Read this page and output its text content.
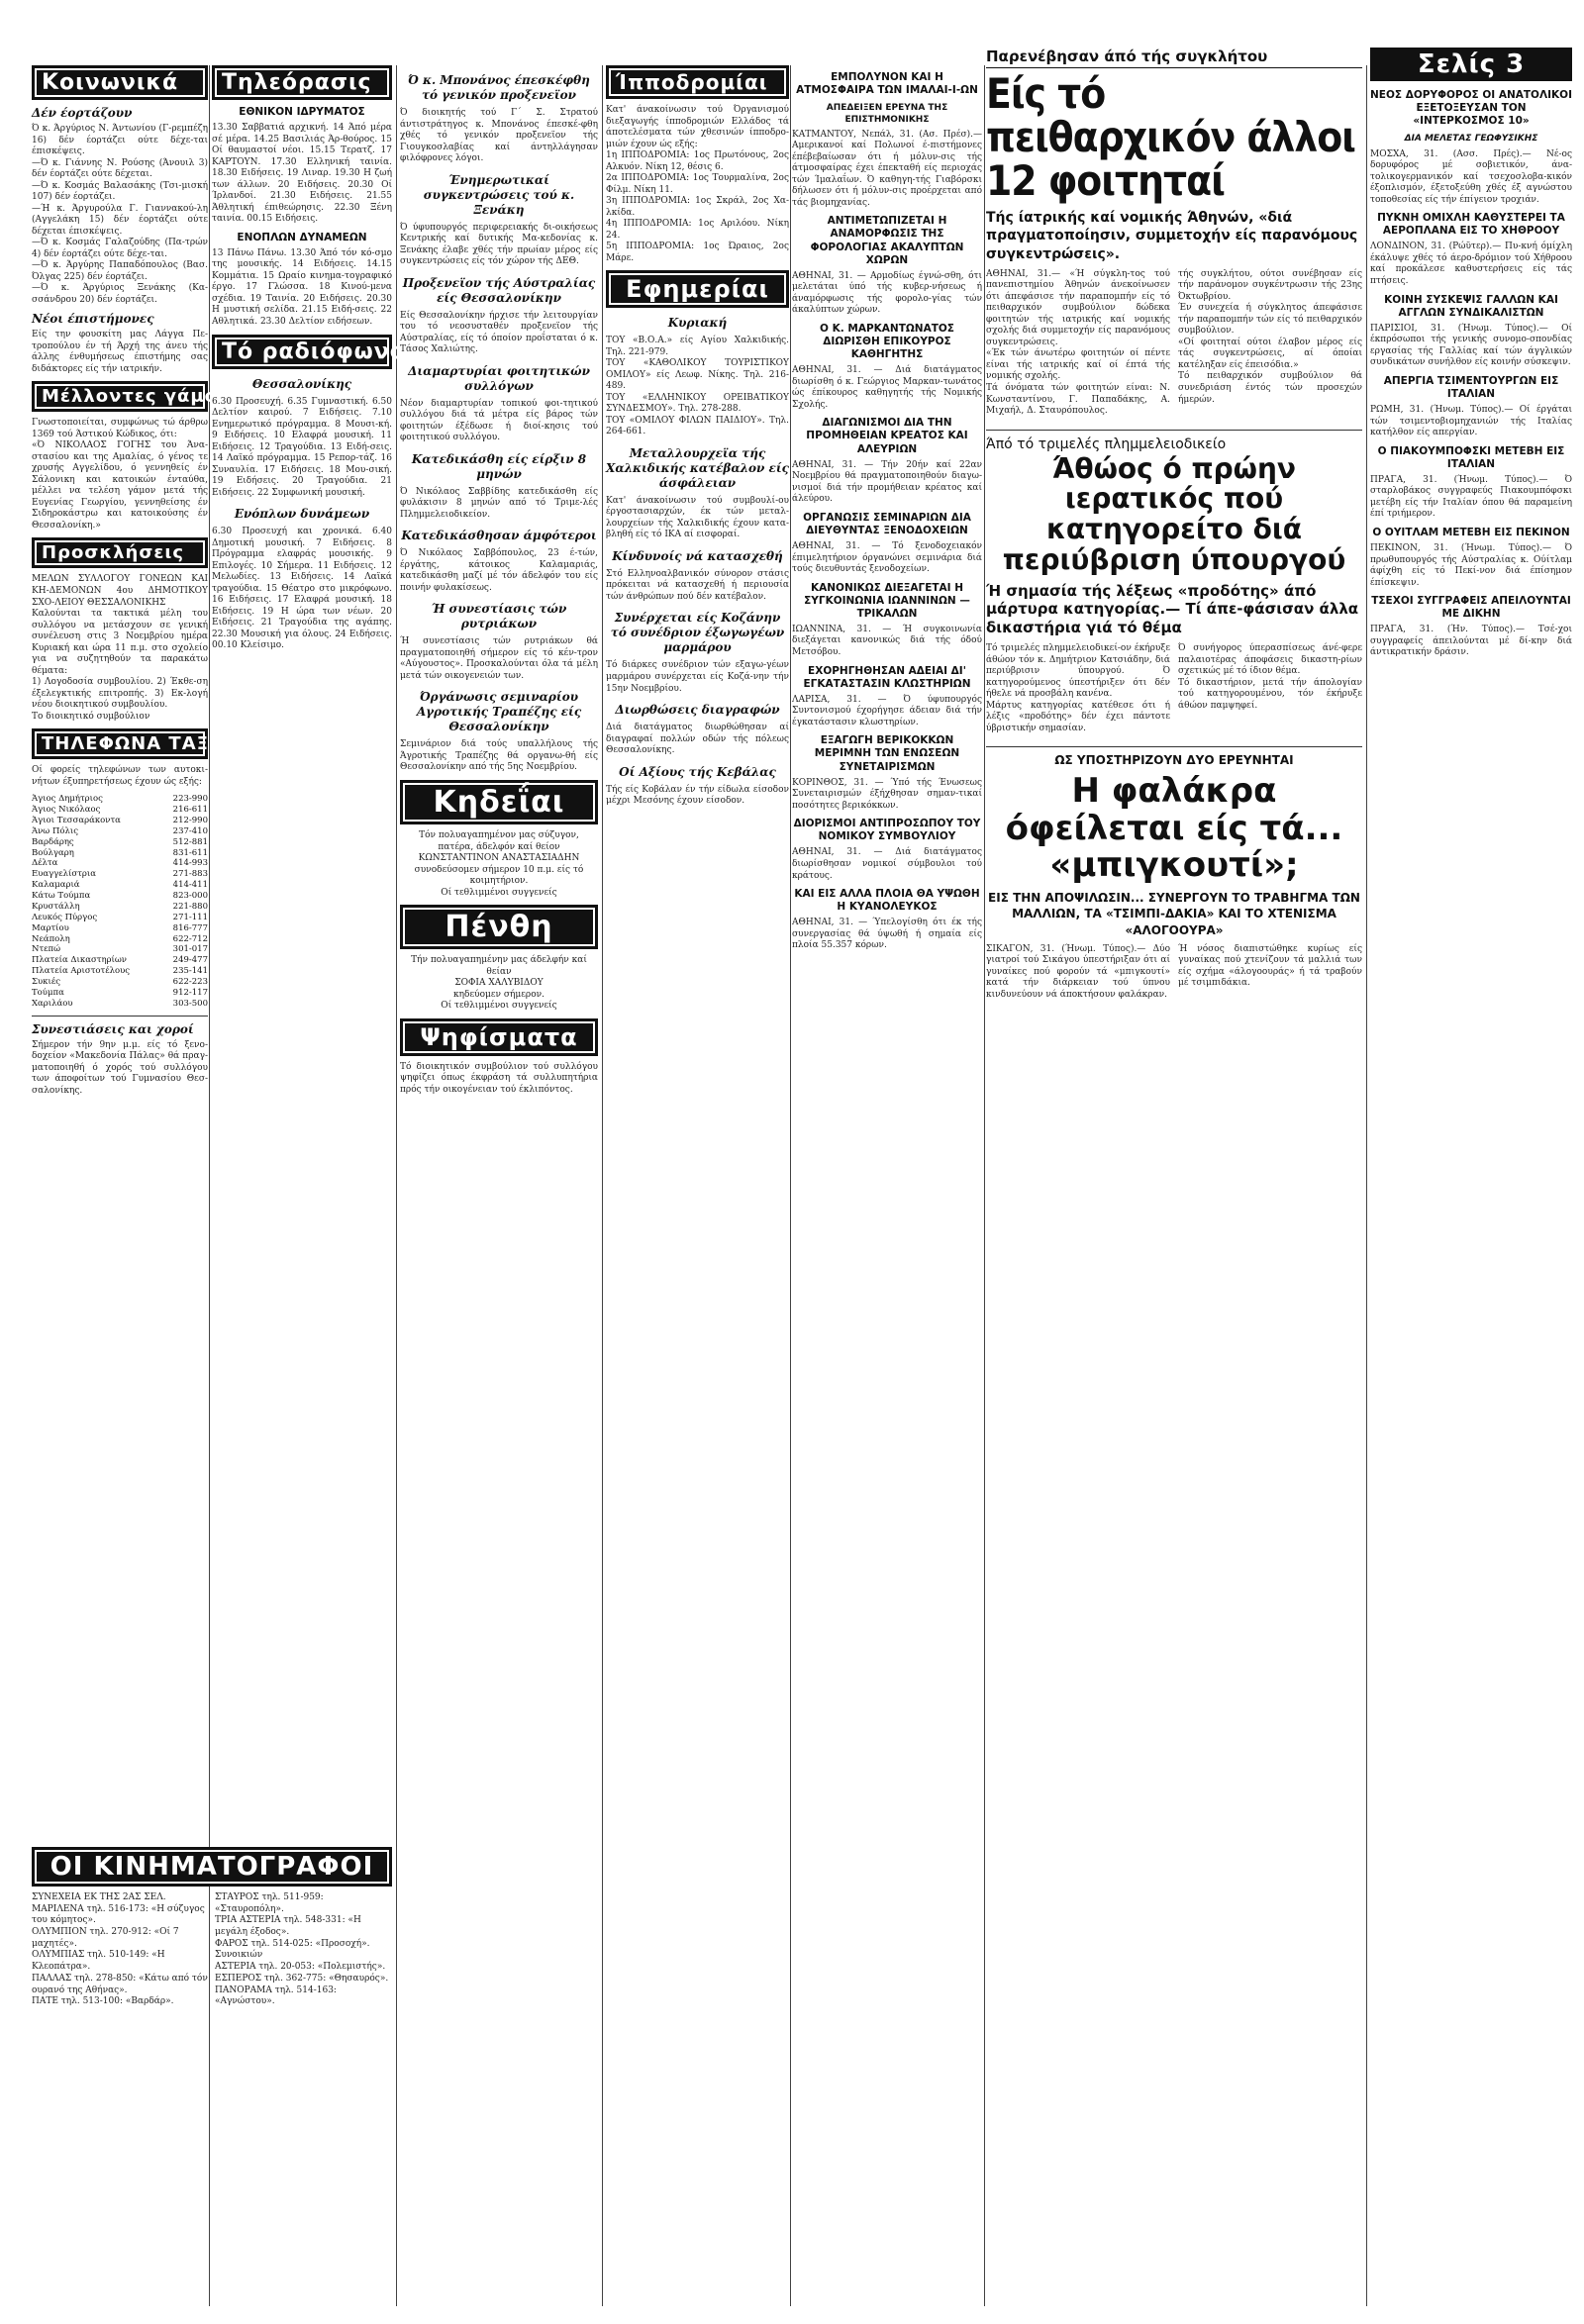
Κοινωνικά
Δέν έορτάζουν
Ό κ. Άργύριος Ν. Άντωνίου (Γ-ρεμπέζη 16) δέν έορτάζει ούτε δέχε-ται έπισκέψεις.
—Ό κ. Γιάννης Ν. Ρούσης (Άνουιλ 3) δέν έορτάζει ούτε δέχεται.
—Ό κ. Κοσμάς Βαλασάκης (Τσι-μισκή 107) δέν έορτάζει.
—Ή κ. Άργυρούλα Γ. Γιαννακού-λη (Αγγελάκη 15) δέν έορτάζει ούτε δέχεται έπισκέψεις.
—Ό κ. Κοσμάς Γαλαζούδης (Πα-τρών 4) δέν έορτάζει ούτε δέχε-ται.
—Ό κ. Άργύρης Παπαδόπουλος (Βασ. Όλγας 225) δέν έορτάζει.
—Ό κ. Άργύριος Ξενάκης (Κα-σσάνδρου 20) δέν έορτάζει.
Νέοι έπιστήμονες
Είς την φουσκίτη μας Λάγγα Πε-τροπούλου έν τή Άρχή της άνευ τής άλλης ένθυμήσεως έπιστήμης σας διδάκτορες είς τήν ιατρικήν.
Μέλλοντες γάμοι
Γνωστοποιείται, συμφώνως τώ άρθρω 1369 τού Άστικού Κώδικος, ότι:
«Ό ΝΙΚΟΛΑΟΣ ΓΟΓΗΣ του Άνα-στασίου και της Αμαλίας, ό γένος τε χρυσής Αγγελίδου, ό γεννηθείς έν Σάλονικη και κατοικών ένταύθα, μέλλει να τελέση γάμον μετά τής Ευγενίας Γεωργίου, γεννηθείσης έν Σιδηροκάστρω και κατοικούσης έν Θεσσαλονίκη.»
Προσκλήσεις
ΜΕΛΩΝ ΣΥΛΛΟΓΟΥ ΓΟΝΕΩΝ ΚΑΙ ΚΗ-ΔΕΜΟΝΩΝ 4ου ΔΗΜΟΤΙΚΟΥ ΣΧΟ-ΛΕΙΟΥ ΘΕΣΣΑΛΟΝΙΚΗΣ
Καλούνται τα τακτικά μέλη του συλλόγου να μετάσχουν σε γενική συνέλευση στις 3 Νοεμβρίου ημέρα Κυριακή και ώρα 11 π.μ. στο σχολείο για να συζητηθούν τα παρακάτω θέματα:
1) Λογοδοσία συμβουλίου. 2) Έκθε-ση έξελεγκτικής επιτροπής. 3) Εκ-λογή νέου διοικητικού συμβουλίου.
Το διοικητικό συμβούλιον
ΤΗΛΕΦΩΝΑ ΤΑΞΙ
Οί φορείς τηλεφώνων των αυτοκι-νήτων έξυπηρετήσεως έχουν ώς εξής:
Άγιος Δημήτριος	223-990
Άγιος Νικόλαος	216-611
Άγιοι Τεσσαράκοντα	212-990
Άνω Πόλις	237-410
Βαρδάρης	512-881
Βούλγαρη	831-611
Δέλτα	414-993
Ευαγγελίστρια	271-883
Καλαμαριά	414-411
Κάτω Τούμπα	823-000
Κρυστάλλη	221-880
Λευκός Πύργος	271-111
Μαρτίου	816-777
Νεάπολη	622-712
Ντεπώ	301-017
Πλατεία Δικαστηρίων	249-477
Πλατεία Αριστοτέλους	235-141
Συκιές	622-223
Τούμπα	912-117
Χαριλάου	303-500
Συνεστιάσεις και χοροί
Σήμερον τήν 9ην μ.μ. είς τό ξενο-δοχείον «Μακεδονία Πάλας» θά πραγ-ματοποιηθή ό χορός τού συλλόγου των άποφοίτων τού Γυμνασίου Θεσ-σαλονίκης.
Τηλεόρασις
ΕΘΝΙΚΟΝ ΙΔΡΥΜΑΤΟΣ
13.30 Σαββατιά αρχικνή. 14 Άπό μέρα σέ μέρα. 14.25 Βασιλιάς Άρ-θούρος. 15 Οί θαυμαστοί νέοι. 15.15 Τερατζ. 17 ΚΑΡΤΟΥΝ. 17.30 Ελληνική ταινία. 18.30 Ειδήσεις. 19 Λιναρ. 19.30 Η ζωή των άλλων. 20 Ειδήσεις. 20.30 Οί Ίρλανδοί. 21.30 Ειδήσεις. 21.55 Άθλητική έπιθεώρησις. 22.30 Ξένη ταινία. 00.15 Ειδήσεις.
ΕΝΟΠΛΩΝ ΔΥΝΑΜΕΩΝ
13 Πάνω Πάνω. 13.30 Άπό τόν κό-σμο της μουσικής. 14 Ειδήσεις. 14.15 Κομμάτια. 15 Ωραίο κινημα-τογραφικό έργο. 17 Γλώσσα. 18 Κινού-μενα σχέδια. 19 Ταινία. 20 Ειδήσεις. 20.30 Η μυστική σελίδα. 21.15 Ειδή-σεις. 22 Αθλητικά. 23.30 Δελτίον ειδήσεων.
Τό ραδιόφωνον
Θεσσαλονίκης
6.30 Προσευχή. 6.35 Γυμναστική. 6.50 Δελτίον καιρού. 7 Ειδήσεις. 7.10 Ενημερωτικό πρόγραμμα. 8 Μουσι-κή. 9 Ειδήσεις. 10 Ελαφρά μουσική. 11 Ειδήσεις. 12 Τραγούδια. 13 Ειδή-σεις. 14 Λαϊκό πρόγραμμα. 15 Ρεπορ-τάζ. 16 Συναυλία. 17 Ειδήσεις. 18 Μου-σική. 19 Ειδήσεις. 20 Τραγούδια. 21 Ειδήσεις. 22 Συμφωνική μουσική.
Ενόπλων δυνάμεων
6.30 Προσευχή και χρονικά. 6.40 Δημοτική μουσική. 7 Ειδήσεις. 8 Πρόγραμμα ελαφράς μουσικής. 9 Επιλογές. 10 Σήμερα. 11 Ειδήσεις. 12 Μελωδίες. 13 Ειδήσεις. 14 Λαϊκά τραγούδια. 15 Θέατρο στο μικρόφωνο. 16 Ειδήσεις. 17 Ελαφρά μουσική. 18 Ειδήσεις. 19 Η ώρα των νέων. 20 Ειδήσεις. 21 Τραγούδια της αγάπης. 22.30 Μουσική για όλους. 24 Ειδήσεις. 00.10 Κλείσιμο.
ΟΙ ΚΙΝΗΜΑΤΟΓΡΑΦΟΙ
ΣΥΝΕΧΕΙΑ ΕΚ ΤΗΣ 2ΑΣ ΣΕΛ.
ΜΑΡΙΛΕΝΑ τηλ. 516-173: «Η σύζυγος του κόμητος».
ΟΛΥΜΠΙΟΝ τηλ. 270-912: «Οί 7 μαχητές».
ΟΛΥΜΠΙΑΣ τηλ. 510-149: «Η Κλεοπάτρα».
ΠΑΛΛΑΣ τηλ. 278-850: «Κάτω από τόν ουρανό της Αθήνας».
ΠΑΤΕ τηλ. 513-100: «Βαρδάρ».
ΣΤΑΥΡΟΣ τηλ. 511-959: «Σταυροπόλη».
ΤΡΙΑ ΑΣΤΕΡΙΑ τηλ. 548-331: «Η μεγάλη έξοδος».
ΦΑΡΟΣ τηλ. 514-025: «Προσοχή».
Συνοικιών
ΑΣΤΕΡΙΑ τηλ. 20-053: «Πολεμιστής».
ΕΣΠΕΡΟΣ τηλ. 362-775: «Θησαυρός».
ΠΑΝΟΡΑΜΑ τηλ. 514-163: «Αγνώστου».
Ό κ. Μπονάνος έπεσκέφθη τό γενικόν προξενεϊον
Ό διοικητής τού Γ΄ Σ. Στρατού άντιστράτηγος κ. Μπονάνος έπεσκέ-φθη χθές τό γενικόν προξενεϊον τής Γιουγκοσλαβίας καί άντηλλάγησαν φιλόφρονες λόγοι.
Ένημερωτικαί συγκεντρώσεις τού κ. Ξενάκη
Ό ύφυπουργός περιφερειακής δι-οικήσεως Κεντρικής καί δυτικής Μα-κεδονίας κ. Ξενάκης έλαβε χθές τήν πρωίαν μέρος είς συγκεντρώσεις είς τόν χώρον τής ΔΕΘ.
Προξενεϊον τής Αύστραλίας είς Θεσσαλονίκην
Είς Θεσσαλονίκην ήρχισε τήν λειτουργίαν του τό νεοσυσταθέν προξενεϊον τής Αύστραλίας, είς τό όποίον προΐσταται ό κ. Τάσος Χαλιώτης.
Διαμαρτυρίαι φοιτητικών συλλόγων
Νέον διαμαρτυρίαν τοπικού φοι-τητικού συλλόγου διά τά μέτρα είς βάρος τών φοιτητών έξέδωσε ή διοί-κησις τού φοιτητικού συλλόγου.
Κατεδικάσθη είς είρξιν 8 μηνών
Ό Νικόλαος Σαββίδης κατεδικάσθη είς φυλάκισιν 8 μηνών από τό Τριμε-λές Πλημμελειοδικείον.
Κατεδικάσθησαν άμφότεροι
Ό Νικόλαος Σαββόπουλος, 23 έ-τών, έργάτης, κάτοικος Καλαμαριάς, κατεδικάσθη μαζί μέ τόν άδελφόν του είς ποινήν φυλακίσεως.
Ή συνεστίασις τών ρυτριάκων
Ή συνεστίασις τών ρυτριάκων θά πραγματοποιηθή σήμερον είς τό κέν-τρον «Αύγουστος». Προσκαλούνται όλα τά μέλη μετά τών οικογενειών των.
Όργάνωσις σεμιναρίου Αγροτικής Τραπέζης είς Θεσσαλονίκην
Σεμινάριον διά τούς υπαλλήλους τής Άγροτικής Τραπέζης θά οργανω-θή είς Θεσσαλονίκην από τής 5ης Νοεμβρίου.
Κηδεΐαι
Τόν πολυαγαπημένον μας σύζυγον, πατέρα, άδελφόν καί θείον
ΚΩΝΣΤΑΝΤΙΝΟΝ ΑΝΑΣΤΑΣΙΑΔΗΝ
συνοδεύσομεν σήμερον 10 π.μ. είς τό κοιμητήριον.
Οί τεθλιμμένοι συγγενείς
Πένθη
Τήν πολυαγαπημένην μας άδελφήν καί θείαν
ΣΟΦΙΑ ΧΑΛΥΒΙΔΟΥ
κηδεύομεν σήμερον.
Οί τεθλιμμένοι συγγενείς
Ψηφίσματα
Τό διοικητικόν συμβούλιον τού συλλόγου ψηφίζει όπως έκφράση τά συλλυπητήρια πρός τήν οικογένειαν τού έκλιπόντος.
Ίπποδρομίαι
Κατ' άνακοίνωσιν τού Όργανισμού διεξαγωγής ίπποδρομιών Ελλάδος τά άποτελέσματα τών χθεσινών ίπποδρο-μιών έχουν ώς εξής:
1η ΙΠΠΟΔΡΟΜΙΑ: 1ος Πρωτόνους, 2ος Αλκυόν. Νίκη 12, θέσις 6.
2α ΙΠΠΟΔΡΟΜΙΑ: 1ος Τουρμαλίνα, 2ος Φίλμ. Νίκη 11.
3η ΙΠΠΟΔΡΟΜΙΑ: 1ος Σκράλ, 2ος Χα-λκίδα.
4η ΙΠΠΟΔΡΟΜΙΑ: 1ος Αριλόου. Νίκη 24.
5η ΙΠΠΟΔΡΟΜΙΑ: 1ος Ώραιος, 2ος Μάρε.
Εφημερίαι
Κυριακή
ΤΟΥ «Β.Ο.Α.» είς Αγίου Χαλκιδικής. Τηλ. 221-979.
ΤΟΥ «ΚΑΘΟΛΙΚΟΥ ΤΟΥΡΙΣΤΙΚΟΥ ΟΜΙΛΟΥ» είς Λεωφ. Νίκης. Τηλ. 216-489.
ΤΟΥ «ΕΛΛΗΝΙΚΟΥ ΟΡΕΙΒΑΤΙΚΟΥ ΣΥΝΔΕΣΜΟΥ». Τηλ. 278-288.
ΤΟΥ «ΟΜΙΛΟΥ ΦΙΛΩΝ ΠΑΙΔΙΟΥ». Τηλ. 264-661.
Μεταλλουρχεϊα τής Χαλκιδικής κατέβαλον είς άσφάλειαν
Κατ' άνακοίνωσιν τού συμβουλί-ου έργοστασιαρχών, έκ τών μεταλ-λουρχείων τής Χαλκιδικής έχουν κατα-βληθή είς τό ΙΚΑ αί εισφοραί.
Κίνδυνοίς νά κατασχεθή
Στό Ελληνοαλβανικόν σύνορον στάσις πρόκειται νά κατασχεθή ή περιουσία τών άνθρώπων πού δέν κατέβαλον.
Συνέρχεται είς Κοζάνην τό συνέδριον έξωγωγέων μαρμάρου
Τό διάρκες συνέδριον τών εξαγω-γέων μαρμάρου συνέρχεται είς Κοζά-νην τήν 15ην Νοεμβρίου.
Διωρθώσεις διαγραφών
Διά διατάγματος διωρθώθησαν αί διαγραφαί πολλών οδών τής πόλεως Θεσσαλονίκης.
Οί Αξίους τής Κεβάλας
Τής είς Κοβάλαν έν τήν είδωλα είσοδον μέχρι Μεσόνης έχουν είσοδον.
ΕΜΠΟΛΥΝΟΝ ΚΑΙ Η ΑΤΜΟΣΦΑΙΡΑ ΤΩΝ ΙΜΑΛΑΙ-Ι-ΩΝ
ΑΠΕΔΕΙΞΕΝ ΕΡΕΥΝΑ ΤΗΣ ΕΠΙΣΤΗΜΟΝΙΚΗΣ
ΚΑΤΜΑΝΤΟΥ, Νεπάλ, 31. (Ασ. Πρέσ).— Αμερικανοί καί Πολωνοί έ-πιστήμονες έπέβεβαίωσαν ότι ή μόλυν-σις τής άτμοσφαίρας έχει έπεκταθή είς περιοχάς τών Ίμαλαΐων. Ό καθηγη-τής Γιαβόρσκι δήλωσεν ότι ή μόλυν-σις προέρχεται από τάς βιομηχανίας.
ΑΝΤΙΜΕΤΩΠΙΖΕΤΑΙ Η ΑΝΑΜΟΡΦΩΣΙΣ ΤΗΣ ΦΟΡΟΛΟΓΙΑΣ ΑΚΑΛΥΠΤΩΝ ΧΩΡΩΝ
ΑΘΗΝΑΙ, 31. — Αρμοδίως έγνώ-σθη, ότι μελετάται ύπό τής κυβερ-νήσεως ή άναμόρφωσις τής φορολο-γίας τών άκαλύπτων χώρων.
Ο Κ. ΜΑΡΚΑΝΤΩΝΑΤΟΣ ΔΙΩΡΙΣΘΗ ΕΠΙΚΟΥΡΟΣ ΚΑΘΗΓΗΤΗΣ
ΑΘΗΝΑΙ, 31. — Διά διατάγματος διωρίσθη ό κ. Γεώργιος Μαρκαν-τωνάτος ώς έπίκουρος καθηγητής τής Νομικής Σχολής.
ΔΙΑΓΩΝΙΣΜΟΙ ΔΙΑ ΤΗΝ ΠΡΟΜΗΘΕΙΑΝ ΚΡΕΑΤΟΣ ΚΑΙ ΑΛΕΥΡΙΩΝ
ΑΘΗΝΑΙ, 31. — Τήν 20ήν καί 22αν Νοεμβρίου θά πραγματοποιηθούν διαγω-νισμοί διά τήν προμήθειαν κρέατος καί άλεύρου.
ΟΡΓΑΝΩΣΙΣ ΣΕΜΙΝΑΡΙΩΝ ΔΙΑ ΔΙΕΥΘΥΝΤΑΣ ΞΕΝΟΔΟΧΕΙΩΝ
ΑΘΗΝΑΙ, 31. — Τό ξενοδοχειακόν έπιμελητήριον όργανώνει σεμινάρια διά τούς διευθυντάς ξενοδοχείων.
ΚΑΝΟΝΙΚΩΣ ΔΙΕΞΑΓΕΤΑΙ Η ΣΥΓΚΟΙΝΩΝΙΑ ΙΩΑΝΝΙΝΩΝ — ΤΡΙΚΑΛΩΝ
ΙΩΑΝΝΙΝΑ, 31. — Ή συγκοινωνία διεξάγεται κανονικώς διά τής όδού Μετσόβου.
ΕΧΟΡΗΓΗΘΗΣΑΝ ΑΔΕΙΑΙ ΔΙ' ΕΓΚΑΤΑΣΤΑΣΙΝ ΚΛΩΣΤΗΡΙΩΝ
ΛΑΡΙΣΑ, 31. — Ό ύφυπουργός Συντονισμού έχορήγησε άδειαν διά τήν έγκατάστασιν κλωστηρίων.
ΕΞΑΓΩΓΗ ΒΕΡΙΚΟΚΚΩΝ ΜΕΡΙΜΝΗ ΤΩΝ ΕΝΩΣΕΩΝ ΣΥΝΕΤΑΙΡΙΣΜΩΝ
ΚΟΡΙΝΘΟΣ, 31. — Ύπό τής Ένωσεως Συνεταιρισμών έξήχθησαν σημαν-τικαί ποσότητες βερικόκκων.
ΔΙΟΡΙΣΜΟΙ ΑΝΤΙΠΡΟΣΩΠΟΥ ΤΟΥ ΝΟΜΙΚΟΥ ΣΥΜΒΟΥΛΙΟΥ
ΑΘΗΝΑΙ, 31. — Διά διατάγματος διωρίσθησαν νομικοί σύμβουλοι τού κράτους.
ΚΑΙ ΕΙΣ ΑΛΛΑ ΠΛΟΙΑ ΘΑ ΥΨΩΘΗ Η ΚΥΑΝΟΛΕΥΚΟΣ
ΑΘΗΝΑΙ, 31. — Ύπελογίσθη ότι έκ τής συνεργασίας θά ύψωθή ή σημαία είς πλοία 55.357 κόρων.
Παρενέβησαν άπό τής συγκλήτου
Είς τό πειθαρχικόν άλλοι 12 φοιτηταί
Τής ίατρικής καί νομικής Άθηνών, «διά πραγματοποίησιν, συμμετοχήν είς παρανόμους συγκεντρώσεις».
ΑΘΗΝΑΙ, 31.— «Ή σύγκλη-τος τού πανεπιστημίου Άθηνών άνεκοίνωσεν ότι άπεφάσισε τήν παραπομπήν είς τό πειθαρχικόν συμβούλιον δώδεκα φοιτητών τής ιατρικής καί νομικής σχολής διά συμμετοχήν είς παρανόμους συγκεντρώσεις.
«Έκ τών άνωτέρω φοιτητών οί πέντε είναι τής ιατρικής καί οί έπτά τής νομικής σχολής.
Τά όνόματα τών φοιτητών είναι: Ν. Κωνσταντίνου, Γ. Παπαδάκης, Α. Μιχαήλ, Δ. Σταυρόπουλος.
τής συγκλήτου, ούτοι συνέβησαν είς τήν παράνομον συγκέντρωσιν τής 23ης Όκτωβρίου.
Έν συνεχεία ή σύγκλητος άπεφάσισε τήν παραπομπήν τών είς τό πειθαρχικόν συμβούλιον.
«Οί φοιτηταί ούτοι έλαβον μέρος είς τάς συγκεντρώσεις, αί όποίαι κατέληξαν είς έπεισόδια.»
Τό πειθαρχικόν συμβούλιον θά συνεδριάση έντός τών προσεχών ήμερών.
Άπό τό τριμελές πλημμελειοδικείο
Άθώος ό πρώην ιερατικός πού κατηγορείτο διά περιύβριση ύπουργού
Ή σημασία τής λέξεως «προδότης» άπό μάρτυρα κατηγορίας.— Τί άπε-φάσισαν άλλα δικαστήρια γιά τό θέμα
Τό τριμελές πλημμελειοδικεί-ον έκήρυξε άθώον τόν κ. Δημήτριον Κατσιάδην, διά περιύβρισιν ύπουργού. Ό κατηγορούμενος ύπεστήριξεν ότι δέν ήθελε νά προσβάλη κανένα.
Μάρτυς κατηγορίας κατέθεσε ότι ή λέξις «προδότης» δέν έχει πάντοτε ύβριστικήν σημασίαν.
Ό συνήγορος ύπερασπίσεως άνέ-φερε παλαιοτέρας άποφάσεις δικαστη-ρίων σχετικώς μέ τό ίδιον θέμα.
Τό δικαστήριον, μετά τήν άπολογίαν τού κατηγορουμένου, τόν έκήρυξε άθώον παμψηφεί.
ΩΣ ΥΠΟΣΤΗΡΙΖΟΥΝ ΔΥΟ ΕΡΕΥΝΗΤΑΙ
Η φαλάκρα όφείλεται είς τά... «μπιγκουτί»;
ΕΙΣ ΤΗΝ ΑΠΟΨΙΛΩΣΙΝ... ΣΥΝΕΡΓΟΥΝ ΤΟ ΤΡΑΒΗΓΜΑ ΤΩΝ ΜΑΛΛΙΩΝ, ΤΑ «ΤΣΙΜΠΙ-ΔΑΚΙΑ» ΚΑΙ ΤΟ ΧΤΕΝΙΣΜΑ «ΑΛΟΓΟΟΥΡΑ»
ΣΙΚΑΓΟΝ, 31. (Ήνωμ. Τύπος).— Δύο γιατροί τού Σικάγου ύπεστήριξαν ότι αί γυναίκες πού φορούν τά «μπιγκουτί» κατά τήν διάρκειαν τού ύπνου κινδυνεύουν νά άποκτήσουν φαλάκραν.
Ή νόσος διαπιστώθηκε κυρίως είς γυναίκας πού χτενίζουν τά μαλλιά των είς σχήμα «άλογοουράς» ή τά τραβούν μέ τσιμπιδάκια.
Σελίς 3
ΝΕΟΣ ΔΟΡΥΦΟΡΟΣ ΟΙ ΑΝΑΤΟΛΙΚΟΙ ΕΞΕΤΟΞΕΥΣΑΝ ΤΟΝ «ΙΝΤΕΡΚΟΣΜΟΣ 10»
ΔΙΑ ΜΕΛΕΤΑΣ ΓΕΩΦΥΣΙΚΗΣ
ΜΟΣΧΑ, 31. (Ασσ. Πρές).— Νέ-ος δορυφόρος μέ σοβιετικόν, άνα-τολικογερμανικόν καί τσεχοσλοβα-κικόν έξοπλισμόν, έξετοξεύθη χθές έξ αγνώστου τοποθεσίας είς τήν έπίγειον τροχιάν.
ΠΥΚΝΗ ΟΜΙΧΛΗ ΚΑΘΥΣΤΕΡΕΙ ΤΑ ΑΕΡΟΠΛΑΝΑ ΕΙΣ ΤΟ ΧΗΘΡΟΟΥ
ΛΟΝΔΙΝΟΝ, 31. (Ρώϋτερ).— Πυ-κνή όμίχλη έκάλυψε χθές τό άερο-δρόμιον τού Χήθροου καί προκάλεσε καθυστερήσεις είς τάς πτήσεις.
ΚΟΙΝΗ ΣΥΣΚΕΨΙΣ ΓΑΛΛΩΝ ΚΑΙ ΑΓΓΛΩΝ ΣΥΝΔΙΚΑΛΙΣΤΩΝ
ΠΑΡΙΣΙΟΙ, 31. (Ήνωμ. Τύπος).— Οί έκπρόσωποι τής γενικής συνομο-σπονδίας εργασίας τής Γαλλίας καί τών άγγλικών συνδικάτων συνήλθον είς κοινήν σύσκεψιν.
ΑΠΕΡΓΙΑ ΤΣΙΜΕΝΤΟΥΡΓΩΝ ΕΙΣ ΙΤΑΛΙΑΝ
ΡΩΜΗ, 31. (Ήνωμ. Τύπος).— Οί έργάται τών τσιμεντοβιομηχανιών τής Ιταλίας κατήλθον είς απεργίαν.
Ο ΠΙΑΚΟΥΜΠΟΦΣΚΙ ΜΕΤΕΒΗ ΕΙΣ ΙΤΑΛΙΑΝ
ΠΡΑΓΑ, 31. (Ήνωμ. Τύπος).— Ό σταρλοβάκος συγγραφεύς Πιακουμπόφσκι μετέβη είς τήν Ιταλίαν όπου θά παραμείνη έπί τριήμερον.
Ο ΟΥΙΤΛΑΜ ΜΕΤΕΒΗ ΕΙΣ ΠΕΚΙΝΟΝ
ΠΕΚΙΝΟΝ, 31. (Ήνωμ. Τύπος).— Ό πρωθυπουργός τής Αύστραλίας κ. Ούίτλαμ άφίχθη είς τό Πεκί-νον διά έπίσημον έπίσκεψιν.
ΤΣΕΧΟΙ ΣΥΓΓΡΑΦΕΙΣ ΑΠΕΙΛΟΥΝΤΑΙ ΜΕ ΔΙΚΗΝ
ΠΡΑΓΑ, 31. (Ήν. Τύπος).— Τσέ-χοι συγγραφείς άπειλούνται μέ δί-κην διά άντικρατικήν δράσιν.
